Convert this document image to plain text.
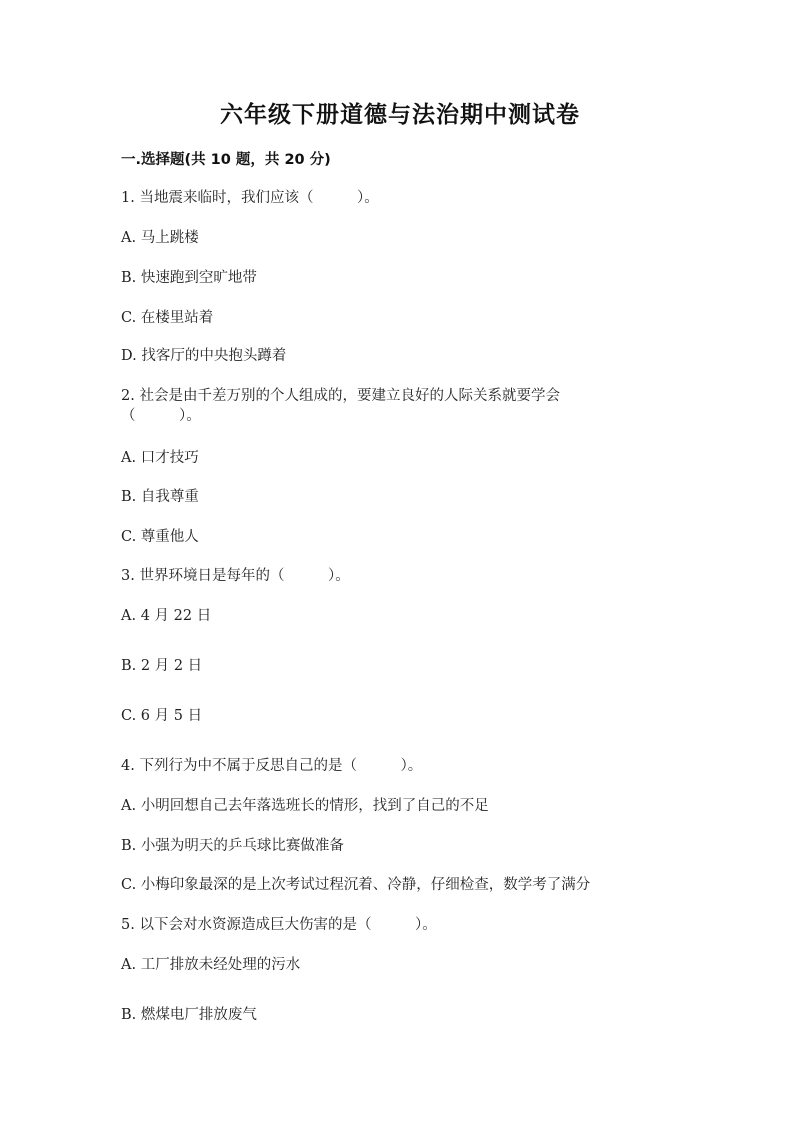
六年级下册道德与法治期中测试卷
一.选择题(共 10 题，共 20 分)
1. 当地震来临时，我们应该（　　　）。
A. 马上跳楼
B. 快速跑到空旷地带
C. 在楼里站着
D. 找客厅的中央抱头蹲着
2. 社会是由千差万别的个人组成的，要建立良好的人际关系就要学会
（　　　）。
A. 口才技巧
B. 自我尊重
C. 尊重他人
3. 世界环境日是每年的（　　　）。
A. 4 月 22 日
B. 2 月 2 日
C. 6 月 5 日
4. 下列行为中不属于反思自己的是（　　　）。
A. 小明回想自己去年落选班长的情形，找到了自己的不足
B. 小强为明天的乒乓球比赛做准备
C. 小梅印象最深的是上次考试过程沉着、冷静，仔细检查，数学考了满分
5. 以下会对水资源造成巨大伤害的是（　　　）。
A. 工厂排放未经处理的污水
B. 燃煤电厂排放废气
